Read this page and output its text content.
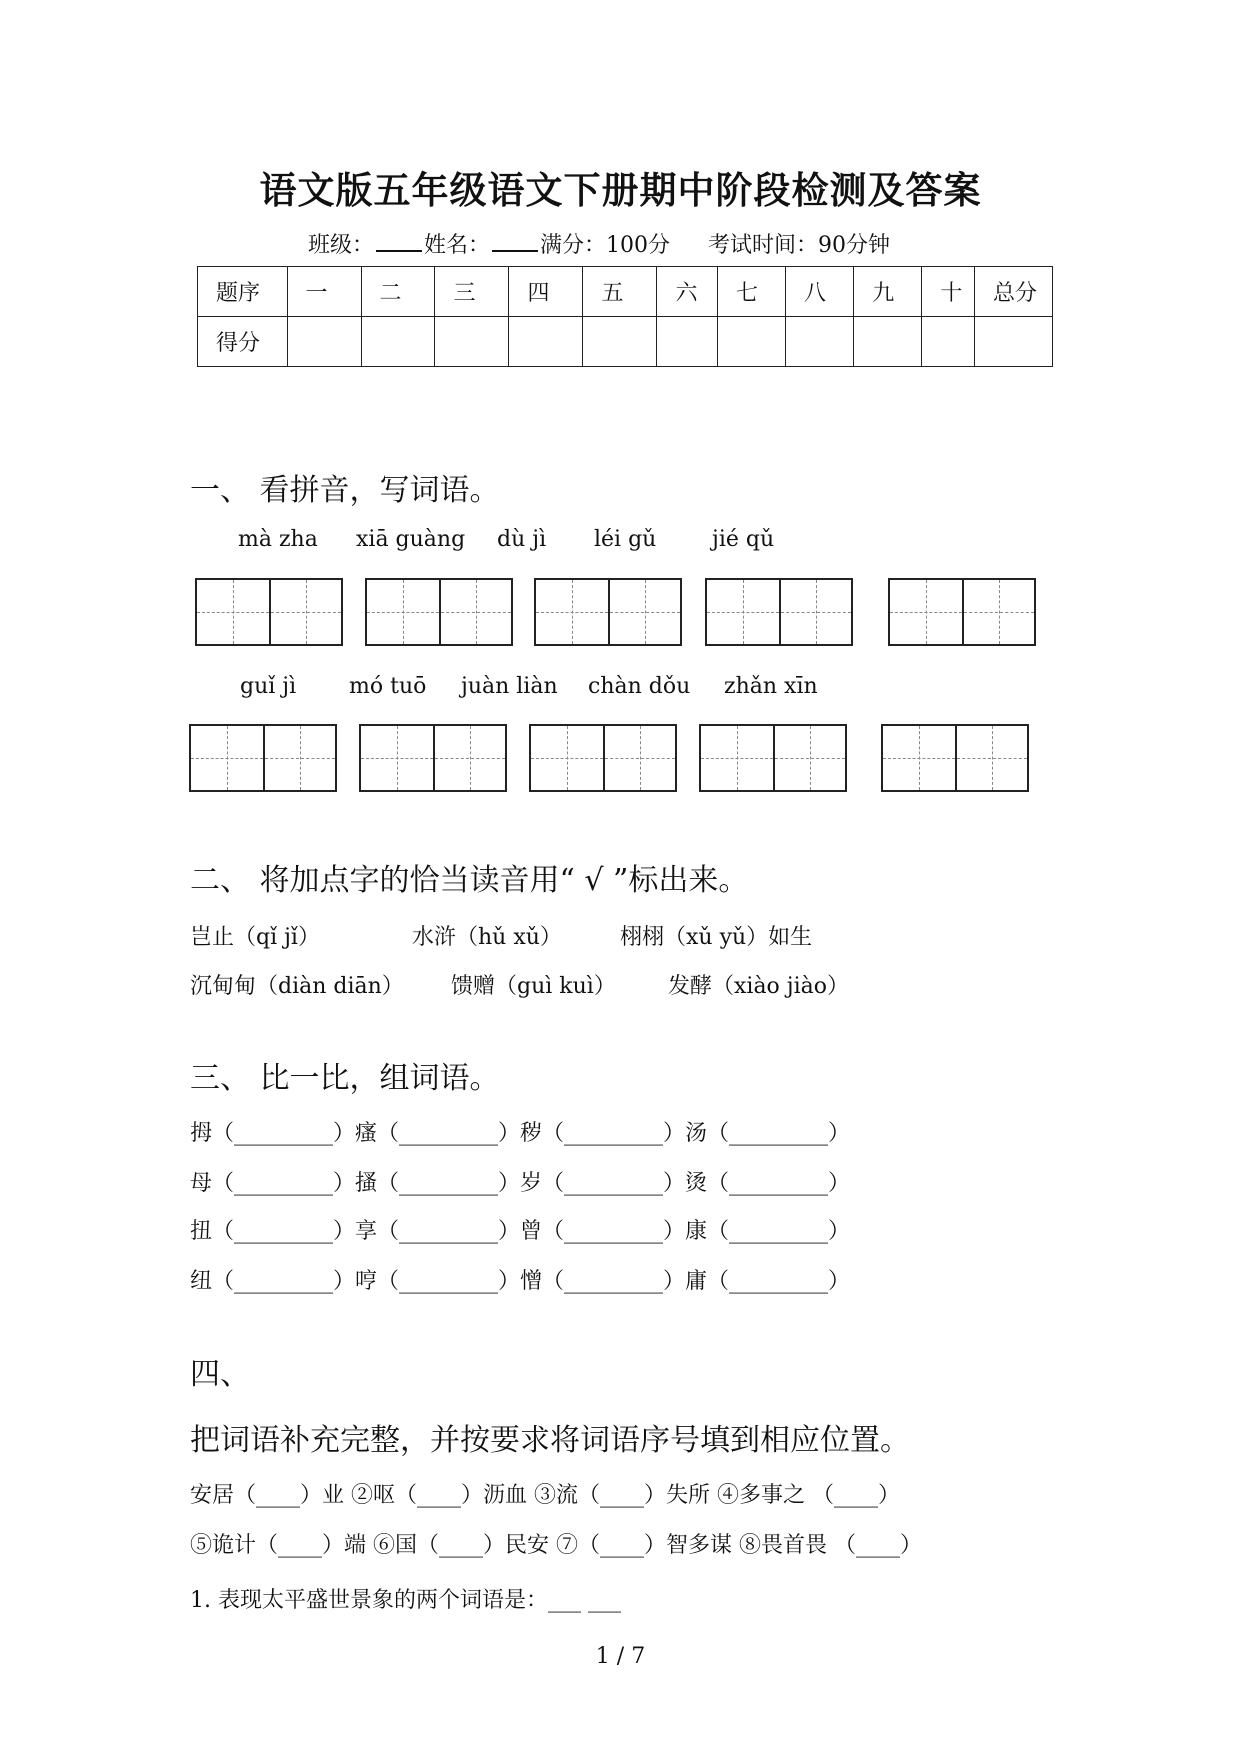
语文版五年级语文下册期中阶段检测及答案
班级： 姓名： 满分：100分 考试时间：90分钟
题序	一	二	三	四	五	六	七	八	九	十	总分
得分											
一、 看拼音，写词语。
mà zha xiā guàng dù jì léi gǔ	jié qǔ
guǐ jì mó tuō juàn liàn chàn dǒu zhǎn xīn
二、 将加点字的恰当读音用“ √ ”标出来。
岂止（qǐ jǐ）	水浒（hǔ xǔ）	栩栩（xǔ yǔ）如生
沉甸甸（diàn diān） 馈赠（guì kuì） 发酵（xiào jiào）
三、 比一比，组词语。
拇（_________）瘙（_________）秽（_________）汤（_________）
母（_________）搔（_________）岁（_________）烫（_________）
扭（_________）享（_________）曾（_________）康（_________）
纽（_________）哼（_________）憎（_________）庸（_________）
四、
把词语补充完整，并按要求将词语序号填到相应位置。
安居（____）业 ②呕（____）沥血 ③流（____）失所 ④多事之 （____）
⑤诡计（____）端 ⑥国（____）民安 ⑦（____）智多谋 ⑧畏首畏 （____）
1. 表现太平盛世景象的两个词语是：___ ___
1 / 7
